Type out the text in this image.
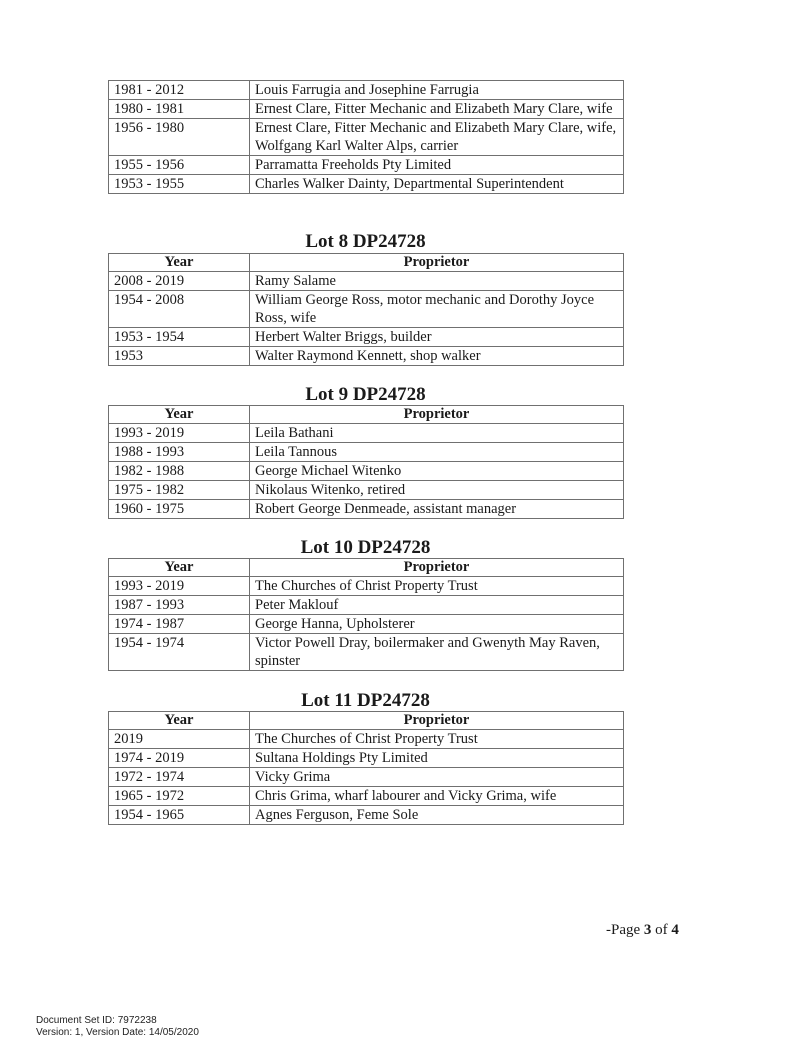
1981 - 2012	Louis Farrugia and Josephine Farrugia
1980 - 1981	Ernest Clare, Fitter Mechanic and Elizabeth Mary Clare, wife
1956 - 1980	Ernest Clare, Fitter Mechanic and Elizabeth Mary Clare, wife, Wolfgang Karl Walter Alps, carrier
1955 - 1956	Parramatta Freeholds Pty Limited
1953 - 1955	Charles Walker Dainty, Departmental Superintendent
Lot 8 DP24728
Year	Proprietor
2008 - 2019	Ramy Salame
1954 - 2008	William George Ross, motor mechanic and Dorothy Joyce Ross, wife
1953 - 1954	Herbert Walter Briggs, builder
1953	Walter Raymond Kennett, shop walker
Lot 9 DP24728
Year	Proprietor
1993 - 2019	Leila Bathani
1988 - 1993	Leila Tannous
1982 - 1988	George Michael Witenko
1975 - 1982	Nikolaus Witenko, retired
1960 - 1975	Robert George Denmeade, assistant manager
Lot 10 DP24728
Year	Proprietor
1993 - 2019	The Churches of Christ Property Trust
1987 - 1993	Peter Maklouf
1974 - 1987	George Hanna, Upholsterer
1954 - 1974	Victor Powell Dray, boilermaker and Gwenyth May Raven, spinster
Lot 11 DP24728
Year	Proprietor
2019	The Churches of Christ Property Trust
1974 - 2019	Sultana Holdings Pty Limited
1972 - 1974	Vicky Grima
1965 - 1972	Chris Grima, wharf labourer and Vicky Grima, wife
1954 - 1965	Agnes Ferguson, Feme Sole
-Page 3 of 4
Document Set ID: 7972238
Version: 1, Version Date: 14/05/2020
